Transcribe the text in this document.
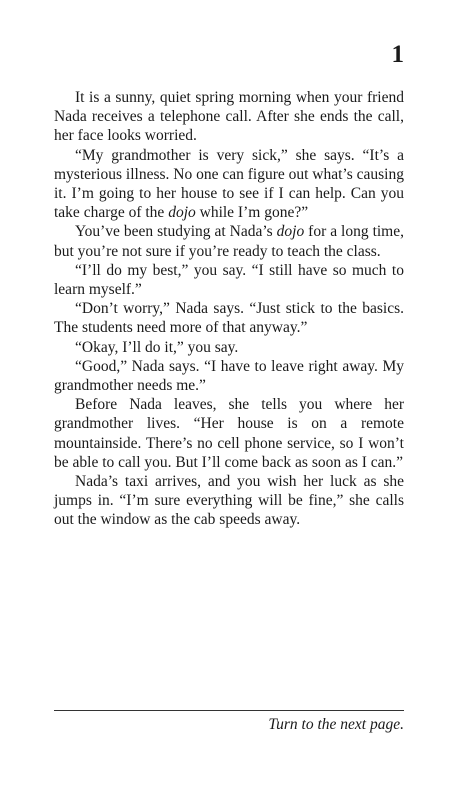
1

It is a sunny, quiet spring morning when your friend Nada receives a telephone call. After she ends the call, her face looks worried.

“My grandmother is very sick,” she says. “It’s a mysterious illness. No one can figure out what’s causing it. I’m going to her house to see if I can help. Can you take charge of the dojo while I’m gone?”

You’ve been studying at Nada’s dojo for a long time, but you’re not sure if you’re ready to teach the class.

“I’ll do my best,” you say. “I still have so much to learn myself.”

“Don’t worry,” Nada says. “Just stick to the basics. The students need more of that anyway.”

“Okay, I’ll do it,” you say.

“Good,” Nada says. “I have to leave right away. My grandmother needs me.”

Before Nada leaves, she tells you where her grandmother lives. “Her house is on a remote mountainside. There’s no cell phone service, so I won’t be able to call you. But I’ll come back as soon as I can.”

Nada’s taxi arrives, and you wish her luck as she jumps in. “I’m sure everything will be fine,” she calls out the window as the cab speeds away.

Turn to the next page.
